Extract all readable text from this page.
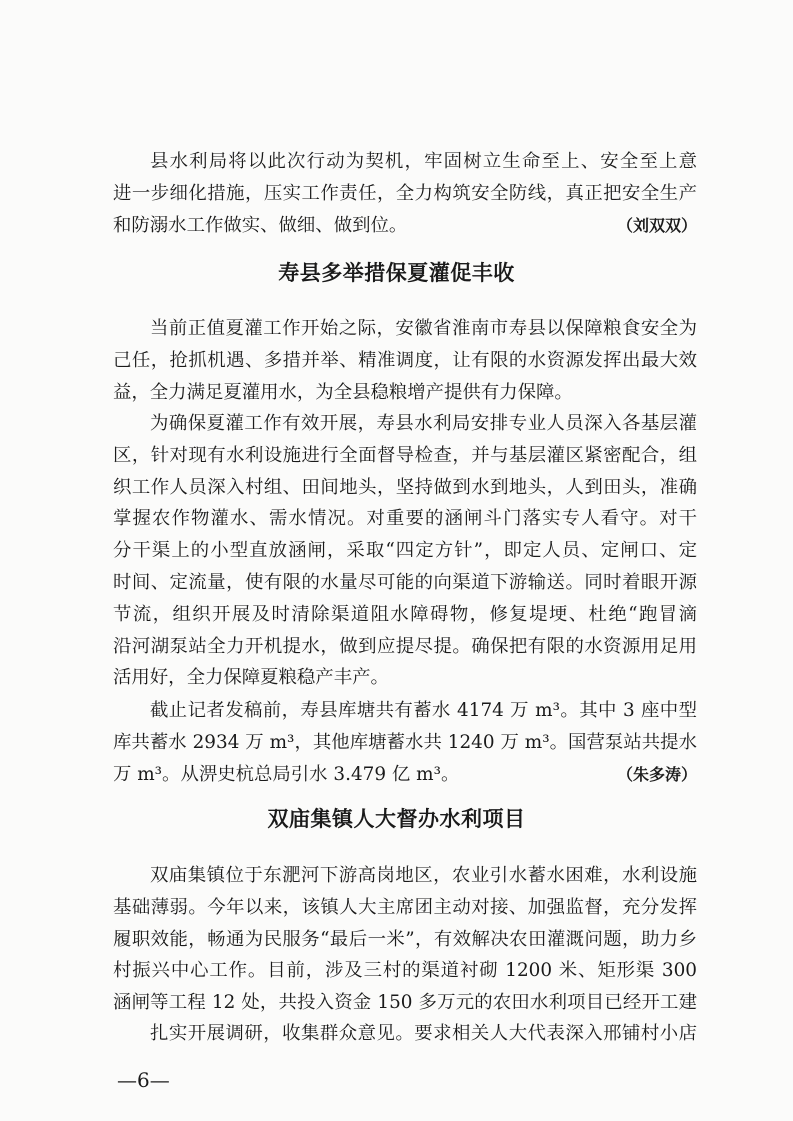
县水利局将以此次行动为契机，牢固树立生命至上、安全至上意
进一步细化措施，压实工作责任，全力构筑安全防线，真正把安全生产
和防溺水工作做实、做细、做到位。	（刘双双）
寿县多举措保夏灌促丰收
当前正值夏灌工作开始之际，安徽省淮南市寿县以保障粮食安全为
己任，抢抓机遇、多措并举、精准调度，让有限的水资源发挥出最大效
益，全力满足夏灌用水，为全县稳粮增产提供有力保障。
为确保夏灌工作有效开展，寿县水利局安排专业人员深入各基层灌
区，针对现有水利设施进行全面督导检查，并与基层灌区紧密配合，组
织工作人员深入村组、田间地头，坚持做到水到地头，人到田头，准确
掌握农作物灌水、需水情况。对重要的涵闸斗门落实专人看守。对干
分干渠上的小型直放涵闸，采取“四定方针”，即定人员、定闸口、定
时间、定流量，使有限的水量尽可能的向渠道下游输送。同时着眼开源
节流，组织开展及时清除渠道阻水障碍物，修复堤埂、杜绝“跑冒滴
沿河湖泵站全力开机提水，做到应提尽提。确保把有限的水资源用足用
活用好，全力保障夏粮稳产丰产。
截止记者发稿前，寿县库塘共有蓄水 4174 万 m³。其中 3 座中型
库共蓄水 2934 万 m³，其他库塘蓄水共 1240 万 m³。国营泵站共提水
万 m³。从淠史杭总局引水 3.479 亿 m³。	（朱多涛）
双庙集镇人大督办水利项目
双庙集镇位于东淝河下游高岗地区，农业引水蓄水困难，水利设施
基础薄弱。今年以来，该镇人大主席团主动对接、加强监督，充分发挥
履职效能，畅通为民服务“最后一米”，有效解决农田灌溉问题，助力乡
村振兴中心工作。目前，涉及三村的渠道衬砌 1200 米、矩形渠 300
涵闸等工程 12 处，共投入资金 150 多万元的农田水利项目已经开工建
扎实开展调研，收集群众意见。要求相关人大代表深入邢铺村小店
—6—
